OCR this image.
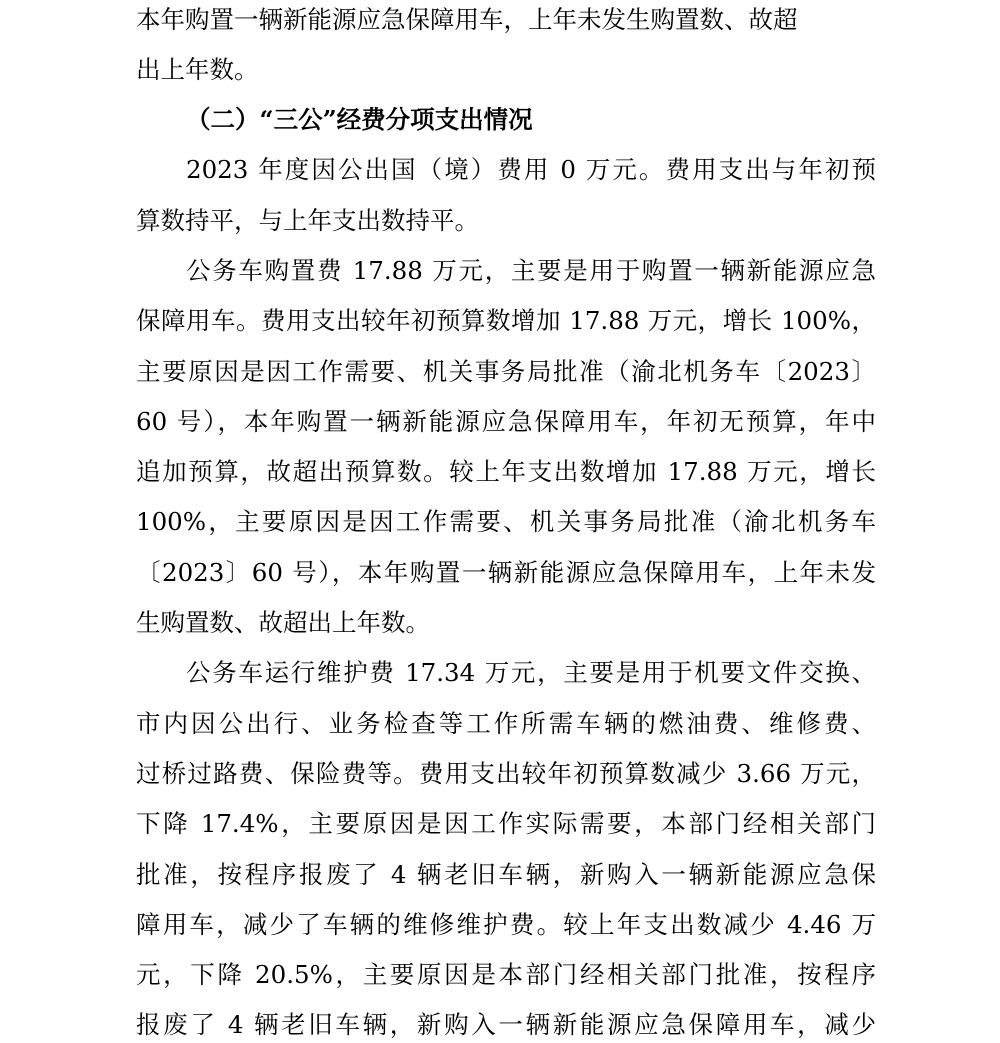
本年购置一辆新能源应急保障用车，上年未发生购置数、故超
出上年数。
（二）“三公”经费分项支出情况
2023 年度因公出国（境）费用 0 万元。费用支出与年初预
算数持平，与上年支出数持平。
公务车购置费 17.88 万元，主要是用于购置一辆新能源应急
保障用车。费用支出较年初预算数增加 17.88 万元，增长 100%，
主要原因是因工作需要、机关事务局批准（渝北机务车〔2023〕
60 号），本年购置一辆新能源应急保障用车，年初无预算，年中
追加预算，故超出预算数。较上年支出数增加 17.88 万元，增长
100%，主要原因是因工作需要、机关事务局批准（渝北机务车
〔2023〕60 号），本年购置一辆新能源应急保障用车，上年未发
生购置数、故超出上年数。
公务车运行维护费 17.34 万元，主要是用于机要文件交换、
市内因公出行、业务检查等工作所需车辆的燃油费、维修费、
过桥过路费、保险费等。费用支出较年初预算数减少 3.66 万元，
下降 17.4%，主要原因是因工作实际需要，本部门经相关部门
批准，按程序报废了 4 辆老旧车辆，新购入一辆新能源应急保
障用车，减少了车辆的维修维护费。较上年支出数减少 4.46 万
元，下降 20.5%，主要原因是本部门经相关部门批准，按程序
报废了 4 辆老旧车辆，新购入一辆新能源应急保障用车，减少
